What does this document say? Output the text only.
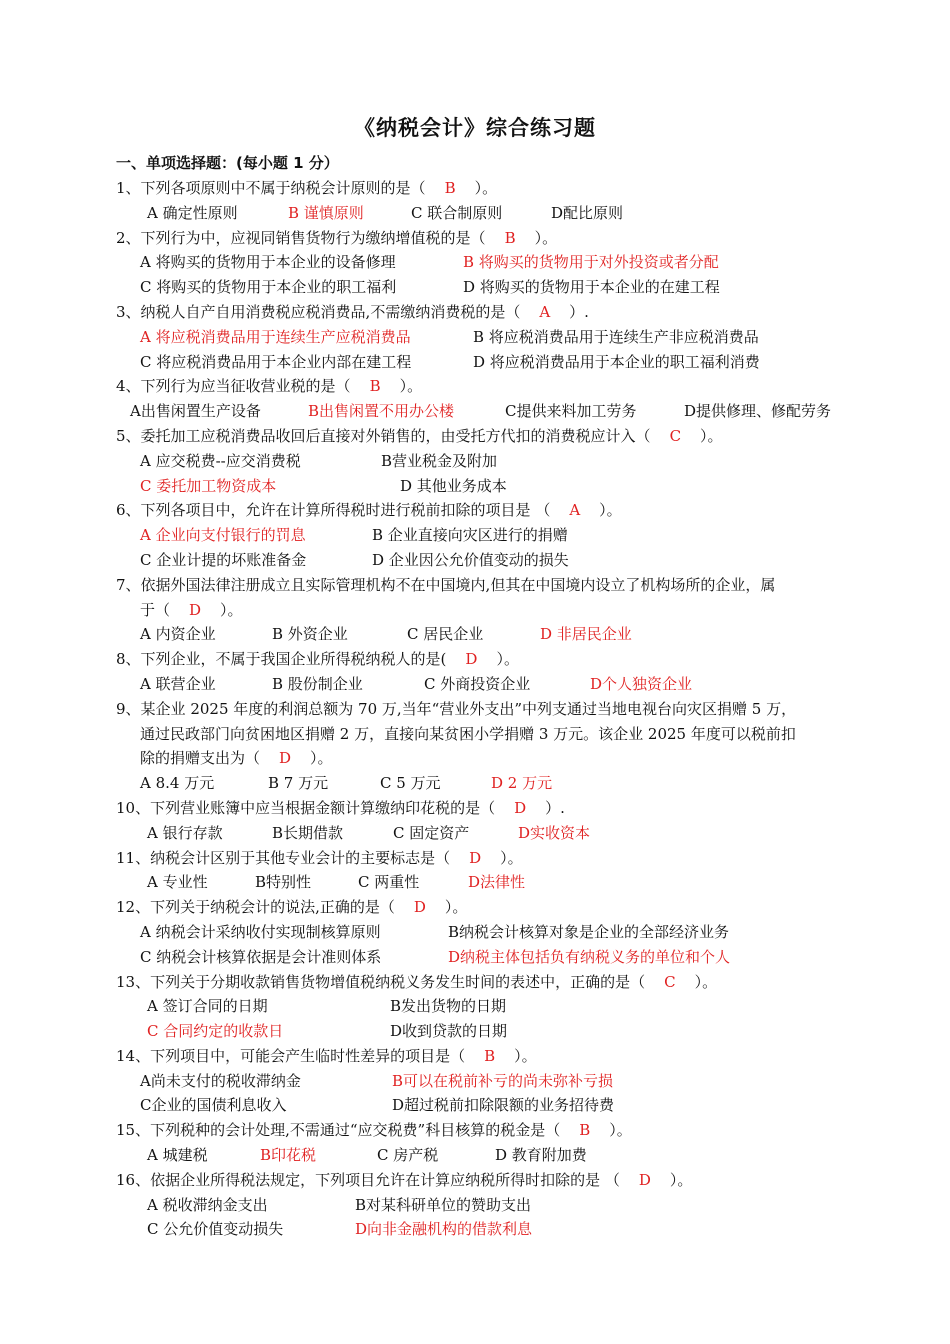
《纳税会计》综合练习题
一、单项选择题：(每小题 1 分）
1、下列各项原则中不属于纳税会计原则的是（  B  ）。
A 确定性原则	B 谨慎原则	C 联合制原则	D配比原则
2、下列行为中，应视同销售货物行为缴纳增值税的是（  B  ）。
A 将购买的货物用于本企业的设备修理	B 将购买的货物用于对外投资或者分配
C 将购买的货物用于本企业的职工福利	D 将购买的货物用于本企业的在建工程
3、纳税人自产自用消费税应税消费品,不需缴纳消费税的是（  A  ）.
A 将应税消费品用于连续生产应税消费品	B 将应税消费品用于连续生产非应税消费品
C 将应税消费品用于本企业内部在建工程	D 将应税消费品用于本企业的职工福利消费
4、下列行为应当征收营业税的是（  B  ）。
A出售闲置生产设备	B出售闲置不用办公楼	C提供来料加工劳务	D提供修理、修配劳务
5、委托加工应税消费品收回后直接对外销售的，由受托方代扣的消费税应计入（  C  ）。
A 应交税费--应交消费税	B营业税金及附加
C 委托加工物资成本	D 其他业务成本
6、下列各项目中，允许在计算所得税时进行税前扣除的项目是 （  A  ）。
A 企业向支付银行的罚息	B 企业直接向灾区进行的捐赠
C 企业计提的坏账准备金	D 企业因公允价值变动的损失
7、依据外国法律注册成立且实际管理机构不在中国境内,但其在中国境内设立了机构场所的企业，属
于（  D  ）。
A 内资企业	B 外资企业	C 居民企业	D 非居民企业
8、下列企业，不属于我国企业所得税纳税人的是(  D  ）。
A 联营企业	B 股份制企业	C 外商投资企业	D个人独资企业
9、某企业 2025 年度的利润总额为 70 万,当年“营业外支出”中列支通过当地电视台向灾区捐赠 5 万，
通过民政部门向贫困地区捐赠 2 万，直接向某贫困小学捐赠 3 万元。该企业 2025 年度可以税前扣
除的捐赠支出为（  D  ）。
A 8.4 万元	B 7 万元	C 5 万元	D 2 万元
10、下列营业账簿中应当根据金额计算缴纳印花税的是（  D  ）.
A 银行存款	B长期借款	C 固定资产	D实收资本
11、纳税会计区别于其他专业会计的主要标志是（  D  ）。
A 专业性	B特别性	C 两重性	D法律性
12、下列关于纳税会计的说法,正确的是（  D  ）。
A 纳税会计采纳收付实现制核算原则	B纳税会计核算对象是企业的全部经济业务
C 纳税会计核算依据是会计准则体系	D纳税主体包括负有纳税义务的单位和个人
13、下列关于分期收款销售货物增值税纳税义务发生时间的表述中，正确的是（  C  ）。
A 签订合同的日期	B发出货物的日期
C 合同约定的收款日	D收到贷款的日期
14、下列项目中，可能会产生临时性差异的项目是（  B  ）。
A尚未支付的税收滞纳金	B可以在税前补亏的尚未弥补亏损
C企业的国债利息收入	D超过税前扣除限额的业务招待费
15、下列税种的会计处理,不需通过“应交税费”科目核算的税金是（  B  ）。
A 城建税	B印花税	C 房产税	D 教育附加费
16、依据企业所得税法规定，下列项目允许在计算应纳税所得时扣除的是 （  D  ）。
A 税收滞纳金支出	B对某科研单位的赞助支出
C 公允价值变动损失	D向非金融机构的借款利息
